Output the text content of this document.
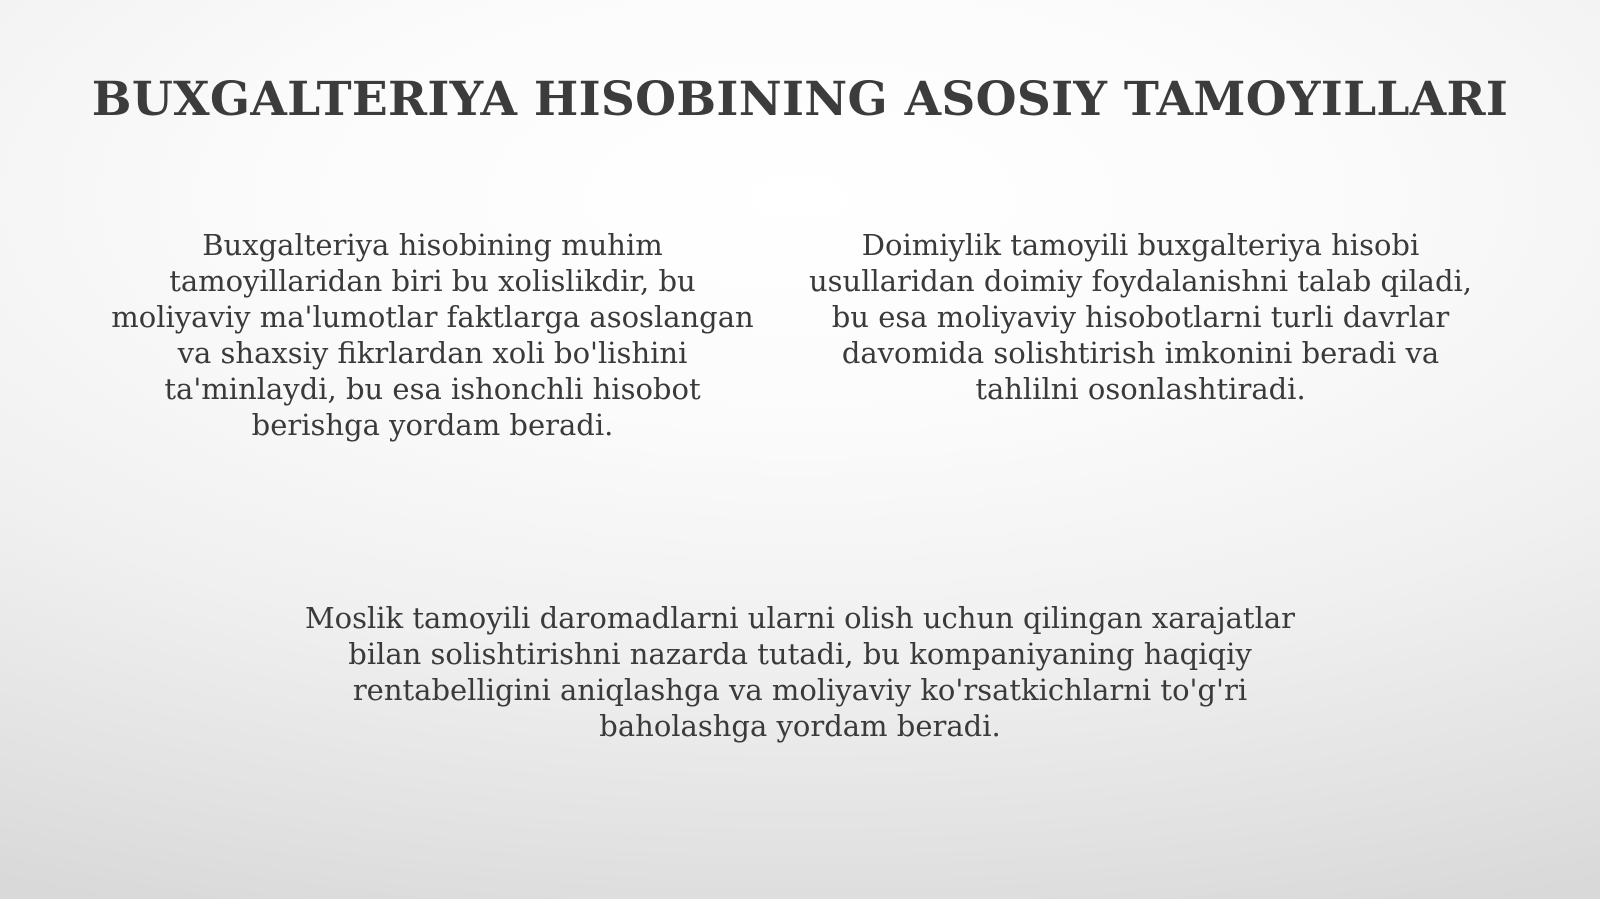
BUXGALTERIYA HISOBINING ASOSIY TAMOYILLARI
Buxgalteriya hisobining muhim tamoyillaridan biri bu xolislikdir, bu moliyaviy ma'lumotlar faktlarga asoslangan va shaxsiy fikrlardan xoli bo'lishini ta'minlaydi, bu esa ishonchli hisobot berishga yordam beradi.
Doimiylik tamoyili buxgalteriya hisobi usullaridan doimiy foydalanishni talab qiladi, bu esa moliyaviy hisobotlarni turli davrlar davomida solishtirish imkonini beradi va tahlilni osonlashtiradi.
Moslik tamoyili daromadlarni ularni olish uchun qilingan xarajatlar bilan solishtirishni nazarda tutadi, bu kompaniyaning haqiqiy rentabelligini aniqlashga va moliyaviy ko'rsatkichlarni to'g'ri baholashga yordam beradi.
